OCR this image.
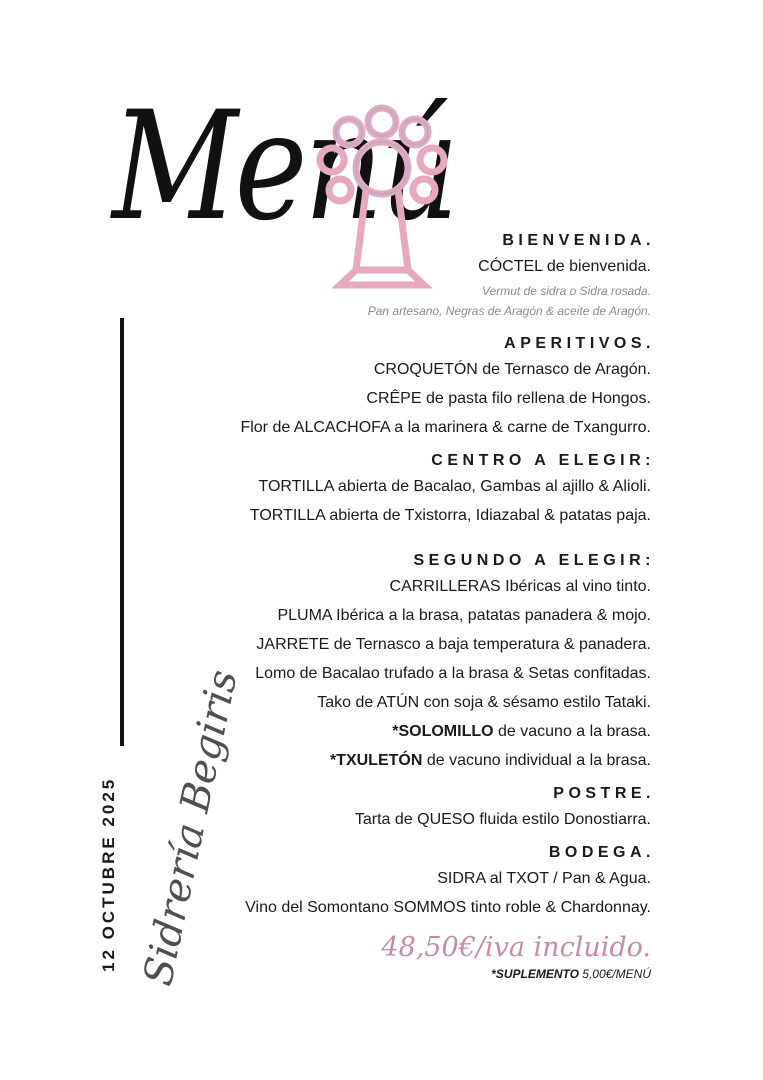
Menú
12 OCTUBRE 2025 Sidrería Begiris
BIENVENIDA.
CÓCTEL de bienvenida.
Vermut de sidra o Sidra rosada.
Pan artesano, Negras de Aragón & aceite de Aragón.
APERITIVOS.
CROQUETÓN de Ternasco de Aragón.
CRÊPE de pasta filo rellena de Hongos.
Flor de ALCACHOFA a la marinera & carne de Txangurro.
CENTRO A ELEGIR:
TORTILLA abierta de Bacalao, Gambas al ajillo & Alioli.
TORTILLA abierta de Txistorra, Idiazabal & patatas paja.
SEGUNDO A ELEGIR:
CARRILLERAS Ibéricas al vino tinto.
PLUMA Ibérica a la brasa, patatas panadera & mojo.
JARRETE de Ternasco a baja temperatura & panadera.
Lomo de Bacalao trufado a la brasa & Setas confitadas.
Tako de ATÚN con soja & sésamo estilo Tataki.
*SOLOMILLO de vacuno a la brasa.
*TXULETÓN de vacuno individual a la brasa.
POSTRE.
Tarta de QUESO fluida estilo Donostiarra.
BODEGA.
SIDRA al TXOT / Pan & Agua.
Vino del Somontano SOMMOS tinto roble & Chardonnay.
48,50€/iva incluido.
*SUPLEMENTO 5,00€/MENÚ
